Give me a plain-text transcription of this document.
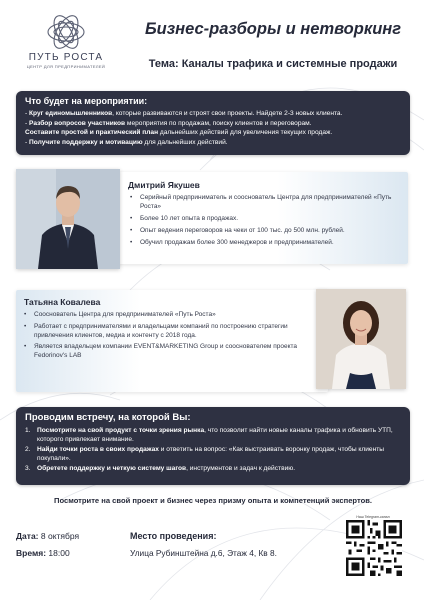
ПУТЬ РОСТА
ЦЕНТР ДЛЯ ПРЕДПРИНИМАТЕЛЕЙ
Бизнес-разборы и нетворкинг
Тема: Каналы трафика и системные продажи
Что будет на мероприятии:
- Круг единомышленников, которые развиваются и строят свои проекты. Найдете 2-3 новых клиента.
- Разбор вопросов участников мероприятия по продажам, поиску клиентов и переговорам.
Составите простой и практический план дальнейших действий для увеличения текущих продаж.
- Получите поддержку и мотивацию для дальнейших действий.
Дмитрий Якушев
• Серийный предприниматель и сооснователь Центра для предпринимателей «Путь Роста»
• Более 10 лет опыта в продажах.
• Опыт ведения переговоров на чеки от 100 тыс. до 500 млн. рублей.
• Обучил продажам более 300 менеджеров и предпринимателей.
Татьяна Ковалева
• Сооснователь Центра для предпринимателей «Путь Роста»
• Работает с предпринимателями и владельцами компаний по построению стратегии привлечения клиентов, медиа и контенту с 2018 года.
• Является владельцем компании EVENT&MARKETING Group и сооснователем проекта Fedorinov's LAB
Проводим встречу, на которой Вы:
1. Посмотрите на свой продукт с точки зрения рынка, что позволит найти новые каналы трафика и обновить УТП, которого привлекает внимание.
2. Найди точки роста в своих продажах и ответить на вопрос: «Как выстраивать воронку продаж, чтобы клиенты покупали».
3. Обретете поддержку и четкую систему шагов, инструментов и задач к действию.
Посмотрите на свой проект и бизнес через призму опыта и компетенций экспертов.
Дата: 8 октября
Время: 18:00
Место проведения:
Улица Рубинштейна д.6, Этаж 4, Кв 8.
Наш Telegram-канал
